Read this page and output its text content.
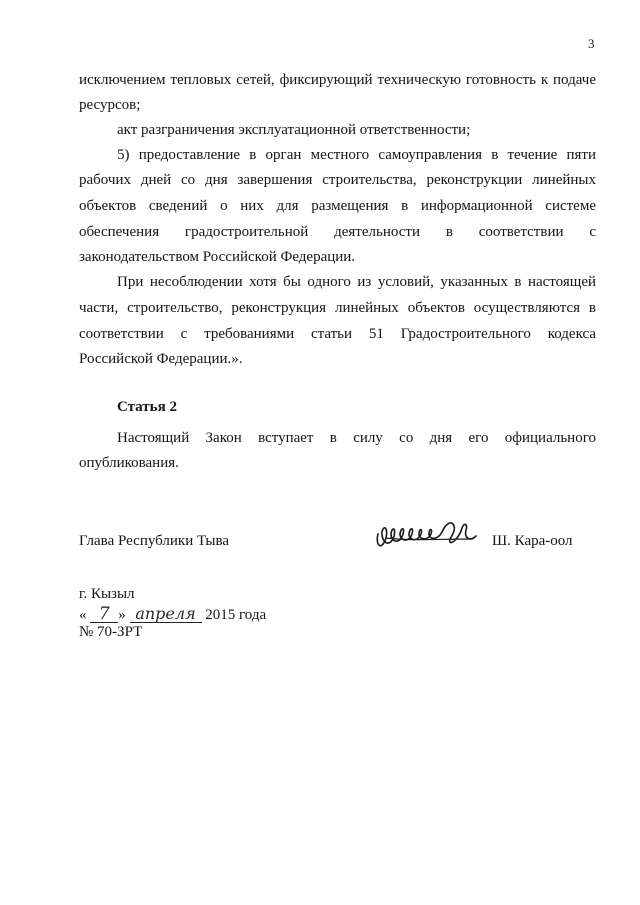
3

исключением тепловых сетей, фиксирующий техническую готовность к подаче

ресурсов;

акт разграничения эксплуатационной ответственности;

5) предоставление в орган местного самоуправления в течение пяти

рабочих дней со дня завершения строительства, реконструкции линейных

объектов сведений о них для размещения в информационной системе

обеспечения градостроительной деятельности в соответствии с

законодательством Российской Федерации.

При несоблюдении хотя бы одного из условий, указанных в настоящей

части, строительство, реконструкция линейных объектов осуществляются в

соответствии с требованиями статьи 51 Градостроительного кодекса

Российской Федерации.».

Статья 2

Настоящий Закон вступает в силу со дня его официального

опубликования.

Глава Республики Тыва	Ш. Кара-оол
г. Кызыл
« 7 » апреля 2015 года
№ 70-ЗРТ
